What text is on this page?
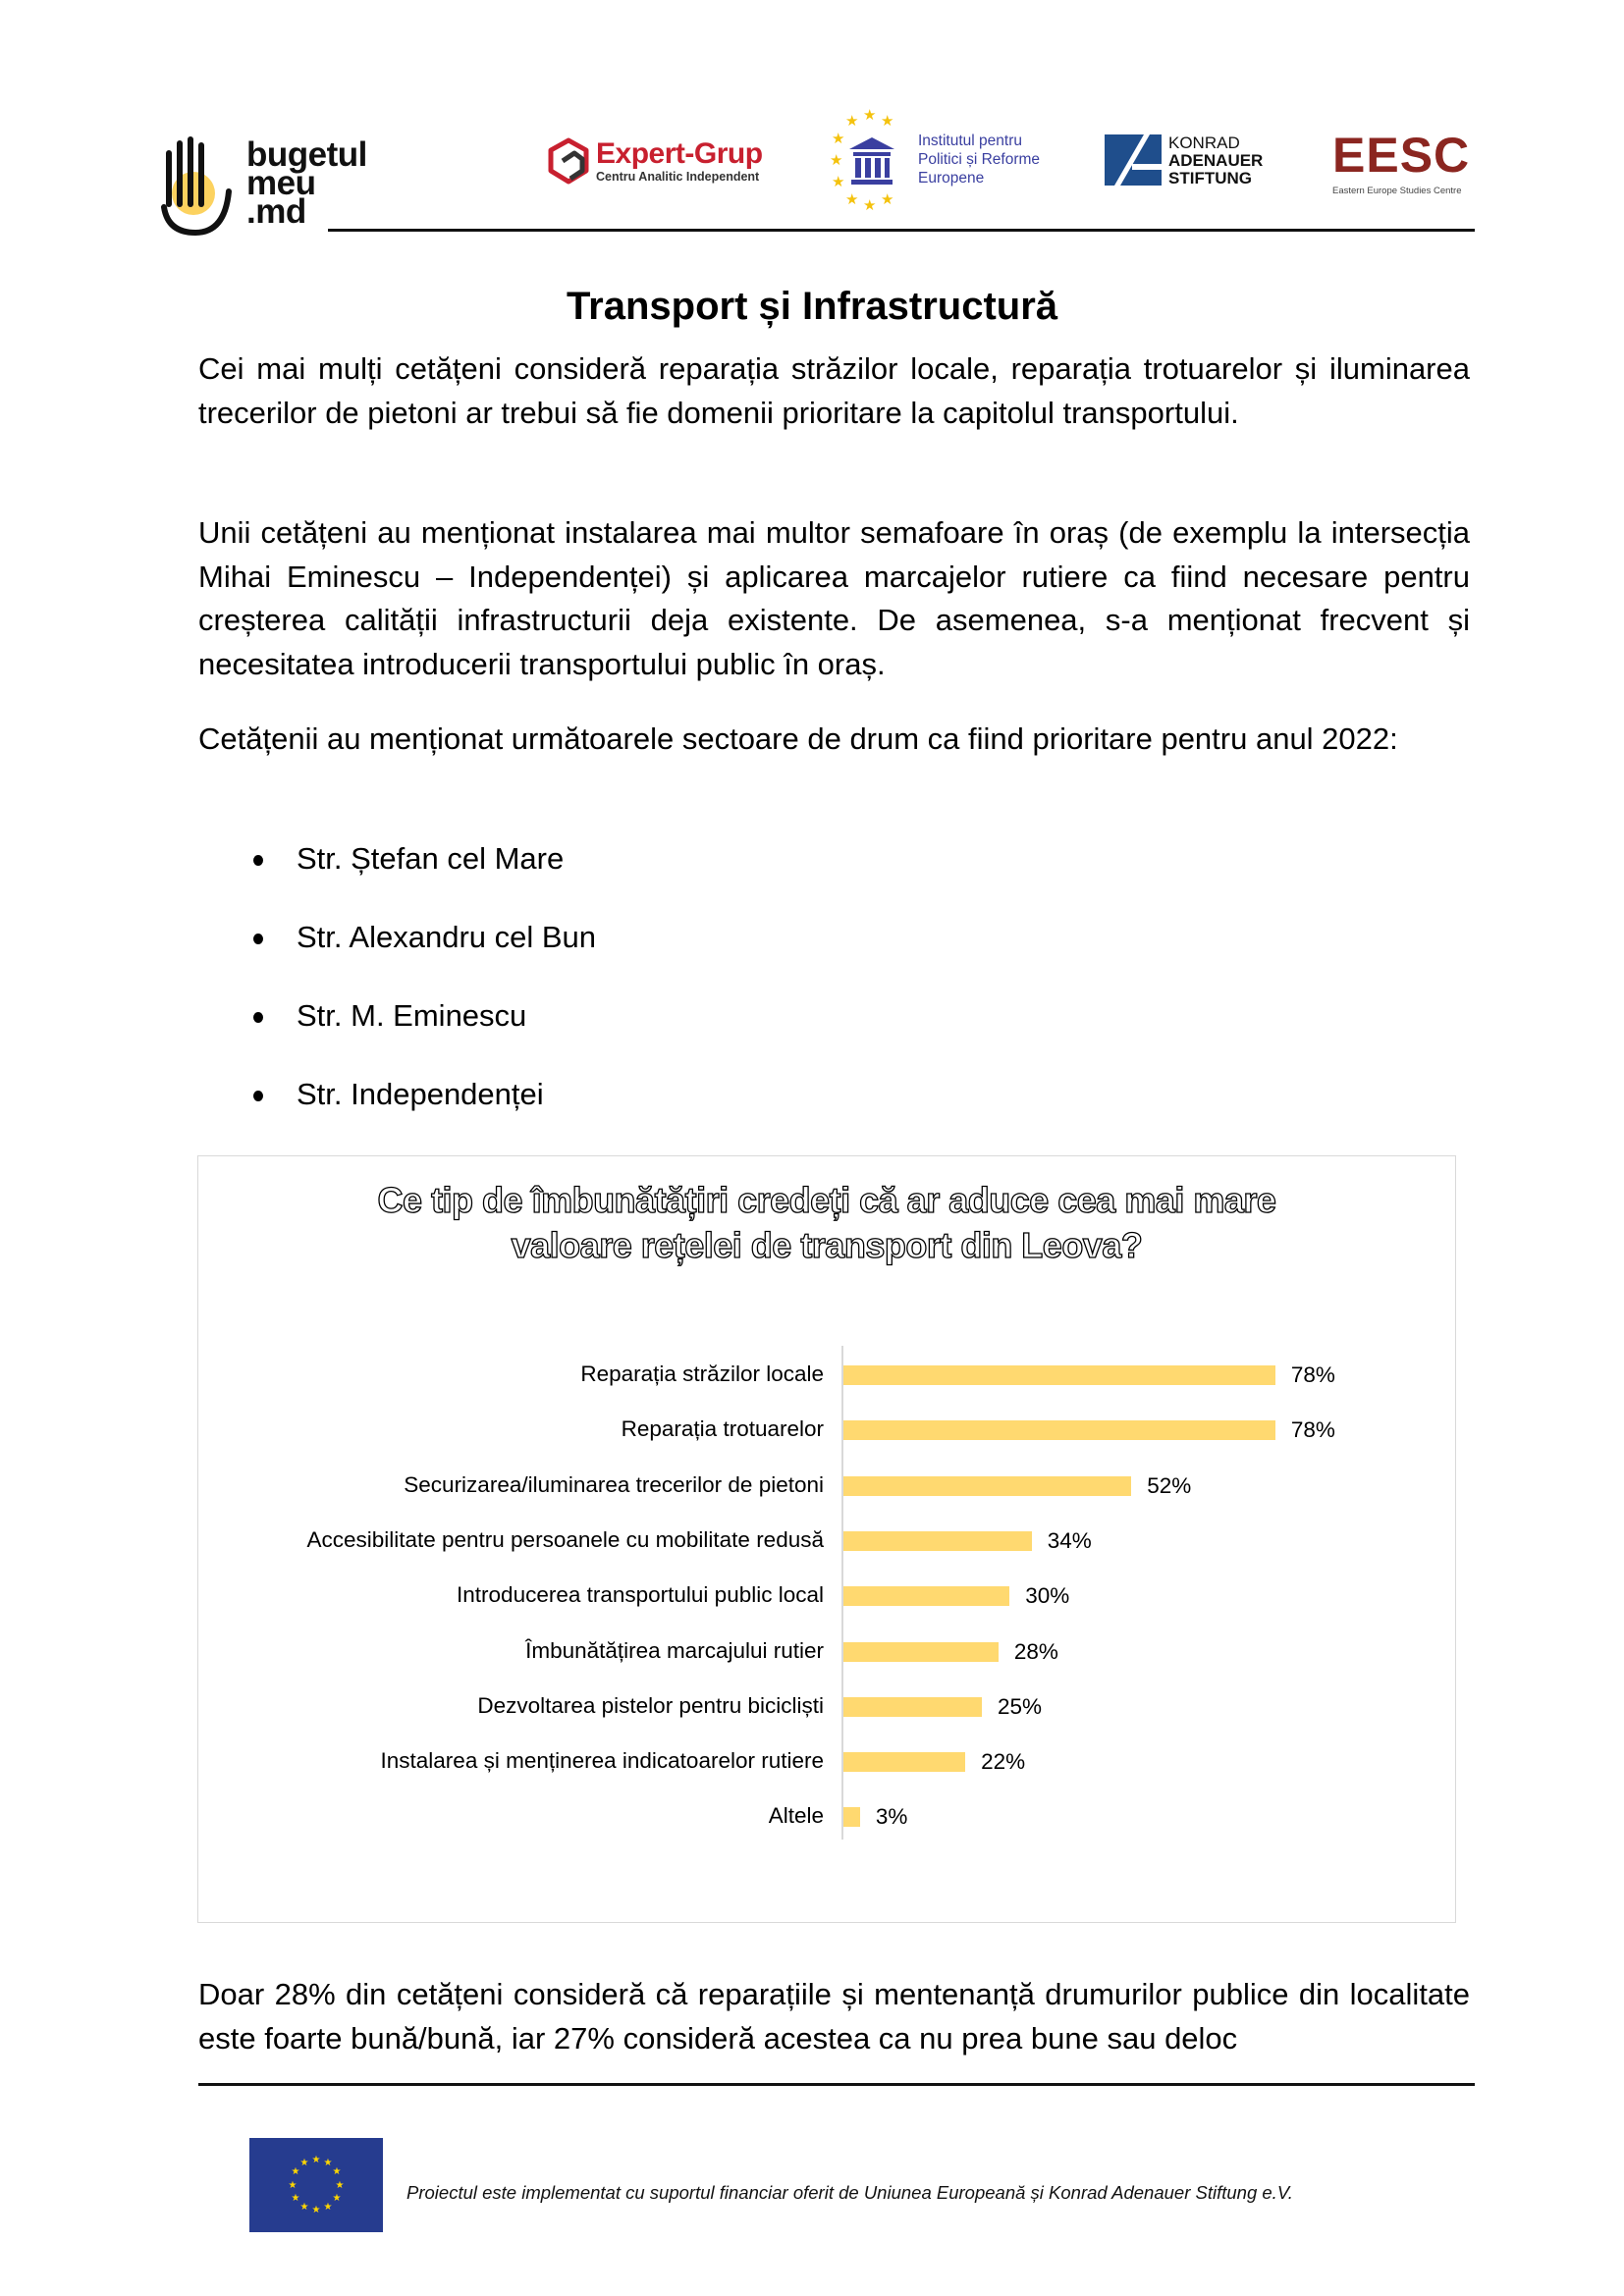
bugetul
meu
.md
Expert-Grup
Centru Analitic Independent
★ ★ ★
★
★
★
★ ★ ★
Institutul pentru
Politici și Reforme
Europene
KONRAD
ADENAUER
STIFTUNG EESC
Eastern Europe Studies Centre
Transport și Infrastructură
Cei mai mulți cetățeni consideră reparația străzilor locale, reparația trotuarelor și iluminarea trecerilor de pietoni ar trebui să fie domenii prioritare la capitolul transportului.
Unii cetățeni au menționat instalarea mai multor semafoare în oraș (de exemplu la intersecția Mihai Eminescu – Independenței) și aplicarea marcajelor rutiere ca fiind necesare pentru creșterea calității infrastructurii deja existente. De asemenea, s-a menționat frecvent și necesitatea introducerii transportului public în oraș.
Cetățenii au menționat următoarele sectoare de drum ca fiind prioritare pentru anul 2022:
Str. Ștefan cel Mare
Str. Alexandru cel Bun
Str. M. Eminescu
Str. Independenței
Ce tip de îmbunătățiri credeți că ar aduce cea mai mare
valoare rețelei de transport din Leova?
Reparația străzilor locale	78%
Reparația trotuarelor	78%
Securizarea/iluminarea trecerilor de pietoni	52%
Accesibilitate pentru persoanele cu mobilitate redusă	34%
Introducerea transportului public local	30%
Îmbunătățirea marcajului rutier	28%
Dezvoltarea pistelor pentru bicicliști	25%
Instalarea și menținerea indicatoarelor rutiere	22%
Altele 3%
Doar 28% din cetățeni consideră că reparațiile și mentenanță drumurilor publice din localitate este foarte bună/bună, iar 27% consideră acestea ca nu prea bune sau deloc
★ ★
★
★
★
★
★
★
★
★
★
★
Proiectul este implementat cu suportul financiar oferit de Uniunea Europeană și Konrad Adenauer Stiftung e.V.
